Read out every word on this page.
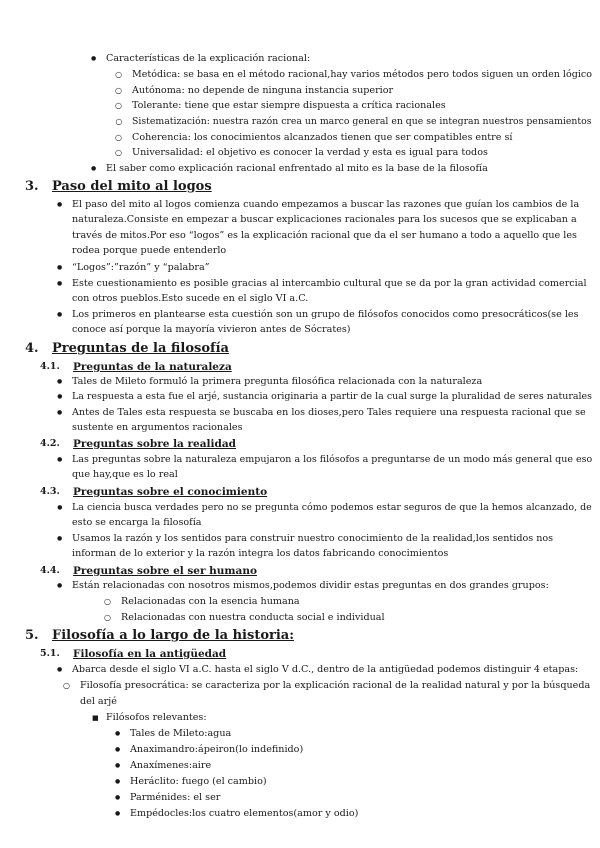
● Características de la explicación racional:
○ Metódica: se basa en el método racional,hay varios métodos pero todos siguen un orden lógico
○ Autónoma: no depende de ninguna instancia superior
○ Tolerante: tiene que estar siempre dispuesta a crítica racionales
○ Sistematización: nuestra razón crea un marco general en que se integran nuestros pensamientos
○ Coherencia: los conocimientos alcanzados tienen que ser compatibles entre sí
○ Universalidad: el objetivo es conocer la verdad y esta es igual para todos
● El saber como explicación racional enfrentado al mito es la base de la filosofía
3. Paso del mito al logos
● El paso del mito al logos comienza cuando empezamos a buscar las razones que guían los cambios de la
naturaleza.Consiste en empezar a buscar explicaciones racionales para los sucesos que se explicaban a
través de mitos.Por eso “logos” es la explicación racional que da el ser humano a todo a aquello que les
rodea porque puede entenderlo
● “Logos”:”razón” y “palabra”
● Este cuestionamiento es posible gracias al intercambio cultural que se da por la gran actividad comercial
con otros pueblos.Esto sucede en el siglo VI a.C.
● Los primeros en plantearse esta cuestión son un grupo de filósofos conocidos como presocráticos(se les
conoce así porque la mayoría vivieron antes de Sócrates)
4. Preguntas de la filosofía
4.1. Preguntas de la naturaleza
● Tales de Mileto formuló la primera pregunta filosófica relacionada con la naturaleza
● La respuesta a esta fue el arjé, sustancia originaria a partir de la cual surge la pluralidad de seres naturales
● Antes de Tales esta respuesta se buscaba en los dioses,pero Tales requiere una respuesta racional que se
sustente en argumentos racionales
4.2. Preguntas sobre la realidad
● Las preguntas sobre la naturaleza empujaron a los filósofos a preguntarse de un modo más general que eso
que hay,que es lo real
4.3. Preguntas sobre el conocimiento
● La ciencia busca verdades pero no se pregunta cómo podemos estar seguros de que la hemos alcanzado, de
esto se encarga la filosofía
● Usamos la razón y los sentidos para construir nuestro conocimiento de la realidad,los sentidos nos
informan de lo exterior y la razón integra los datos fabricando conocimientos
4.4. Preguntas sobre el ser humano
● Están relacionadas con nosotros mismos,podemos dividir estas preguntas en dos grandes grupos:
○ Relacionadas con la esencia humana
○ Relacionadas con nuestra conducta social e individual
5. Filosofía a lo largo de la historia:
5.1. Filosofía en la antigüedad
● Abarca desde el siglo VI a.C. hasta el siglo V d.C., dentro de la antigüedad podemos distinguir 4 etapas:
○ Filosofía presocrática: se caracteriza por la explicación racional de la realidad natural y por la búsqueda
del arjé
■ Filósofos relevantes:
● Tales de Mileto:agua
● Anaximandro:ápeiron(lo indefinido)
● Anaxímenes:aire
● Heráclito: fuego (el cambio)
● Parménides: el ser
● Empédocles:los cuatro elementos(amor y odio)
